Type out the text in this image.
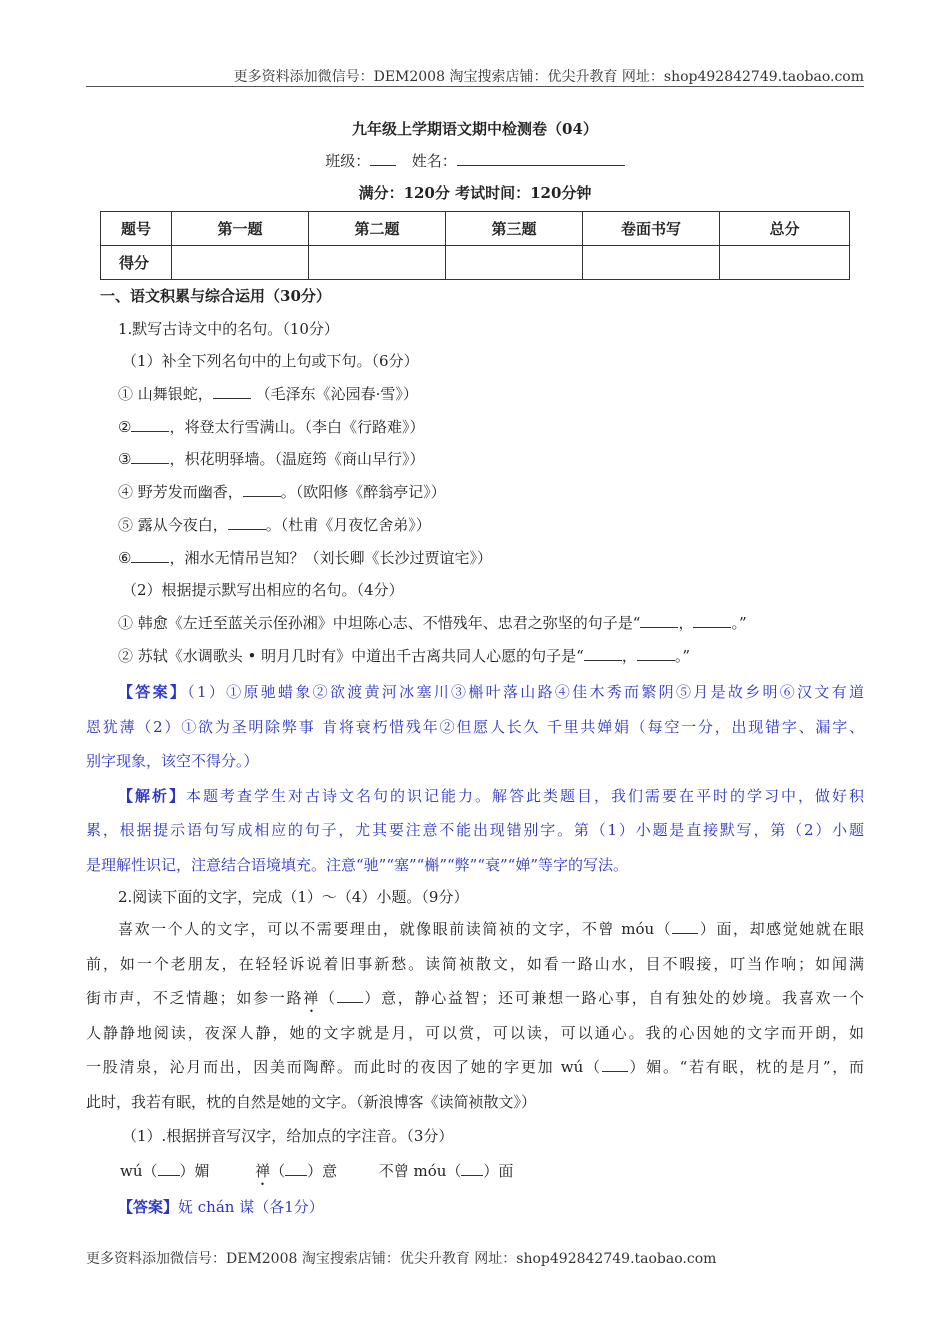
更多资料添加微信号：DEM2008 淘宝搜索店铺：优尖升教育 网址：shop492842749.taobao.com
九年级上学期语文期中检测卷（04）
班级：	姓名：
满分：120分 考试时间：120分钟
题号	第一题	第二题	第三题	卷面书写	总分
得分					
一、语文积累与综合运用（30分）
1.默写古诗文中的名句。（10分）
（1）补全下列名句中的上句或下句。（6分）
① 山舞银蛇，	（毛泽东《沁园春·雪》）
②	，将登太行雪满山。（李白《行路难》）
③	，枳花明驿墙。（温庭筠《商山早行》）
④ 野芳发而幽香，	。（欧阳修《醉翁亭记》）
⑤ 露从今夜白，	。（杜甫《月夜忆舍弟》）
⑥	，湘水无情吊岂知？（刘长卿《长沙过贾谊宅》）
（2）根据提示默写出相应的名句。（4分）
① 韩愈《左迁至蓝关示侄孙湘》中坦陈心志、不惜残年、忠君之弥坚的句子是“	，	。”
② 苏轼《水调歌头 • 明月几时有》中道出千古离共同人心愿的句子是“	，	。”
【答案】（1）①原驰蜡象②欲渡黄河冰塞川③槲叶落山路④佳木秀而繁阴⑤月是故乡明⑥汉文有道
恩犹薄（2）①欲为圣明除弊事 肯将衰朽惜残年②但愿人长久 千里共婵娟（每空一分，出现错字、漏字、
别字现象，该空不得分。）
【解析】本题考查学生对古诗文名句的识记能力。解答此类题目，我们需要在平时的学习中，做好积
累，根据提示语句写成相应的句子，尤其要注意不能出现错别字。第（1）小题是直接默写，第（2）小题
是理解性识记，注意结合语境填充。注意“驰”“塞”“槲”“弊”“衰”“婵”等字的写法。
2.阅读下面的文字，完成（1）～（4）小题。（9分）
喜欢一个人的文字，可以不需要理由，就像眼前读简祯的文字，不曾 móu（ ）面，却感觉她就在眼
前，如一个老朋友，在轻轻诉说着旧事新愁。读简祯散文，如看一路山水，目不暇接，叮当作响；如闻满
街市声，不乏情趣；如参一路禅（ ）意，静心益智；还可兼想一路心事，自有独处的妙境。我喜欢一个
人静静地阅读，夜深人静，她的文字就是月，可以赏，可以读，可以通心。我的心因她的文字而开朗，如
一股清泉，沁月而出，因美而陶醉。而此时的夜因了她的字更加 wú（ ）媚。“若有眠，枕的是月”，而
此时，我若有眠，枕的自然是她的文字。（新浪博客《读简祯散文》）
（1）.根据拼音写汉字，给加点的字注音。（3分）
wú（ ）媚	禅（ ）意	不曾 móu（ ）面
【答案】妩 chán 谋（各1分）
更多资料添加微信号：DEM2008 淘宝搜索店铺：优尖升教育 网址：shop492842749.taobao.com
